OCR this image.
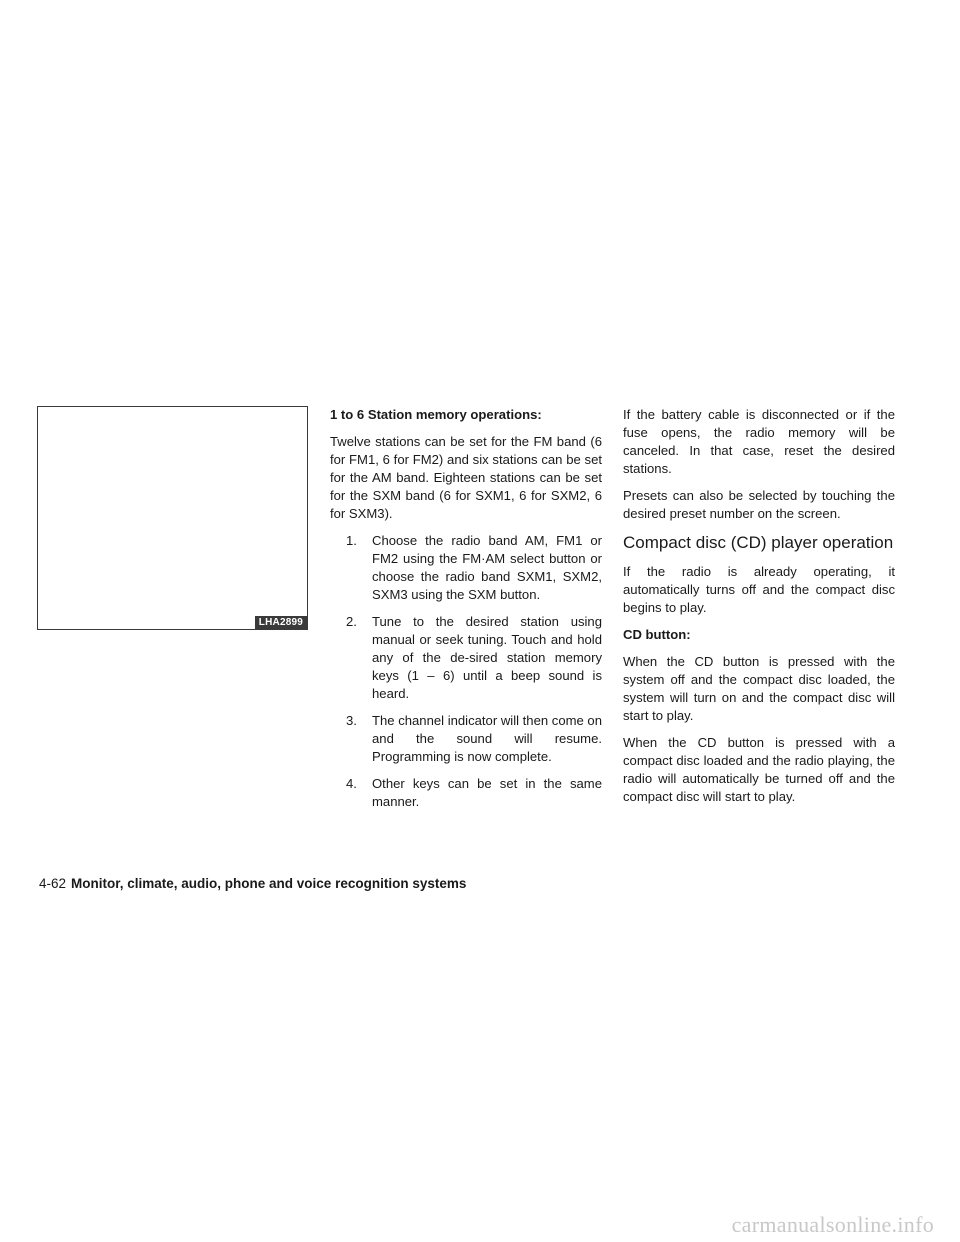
LHA2899
1 to 6 Station memory operations:

Twelve stations can be set for the FM band (6 for FM1, 6 for FM2) and six stations can be set for the AM band. Eighteen stations can be set for the SXM band (6 for SXM1, 6 for SXM2, 6 for SXM3).

1. Choose the radio band AM, FM1 or FM2 using the FM·AM select button or choose the radio band SXM1, SXM2, SXM3 using the SXM button.
2. Tune to the desired station using manual or seek tuning. Touch and hold any of the de-sired station memory keys (1 – 6) until a beep sound is heard.
3. The channel indicator will then come on and the sound will resume. Programming is now complete.
4. Other keys can be set in the same manner.

If the battery cable is disconnected or if the fuse opens, the radio memory will be canceled. In that case, reset the desired stations.

Presets can also be selected by touching the desired preset number on the screen.

Compact disc (CD) player operation

If the radio is already operating, it automatically turns off and the compact disc begins to play.

CD button:

When the CD button is pressed with the system off and the compact disc loaded, the system will turn on and the compact disc will start to play.

When the CD button is pressed with a compact disc loaded and the radio playing, the radio will automatically be turned off and the compact disc will start to play.

4-62 Monitor, climate, audio, phone and voice recognition systems
carmanualsonline.info
